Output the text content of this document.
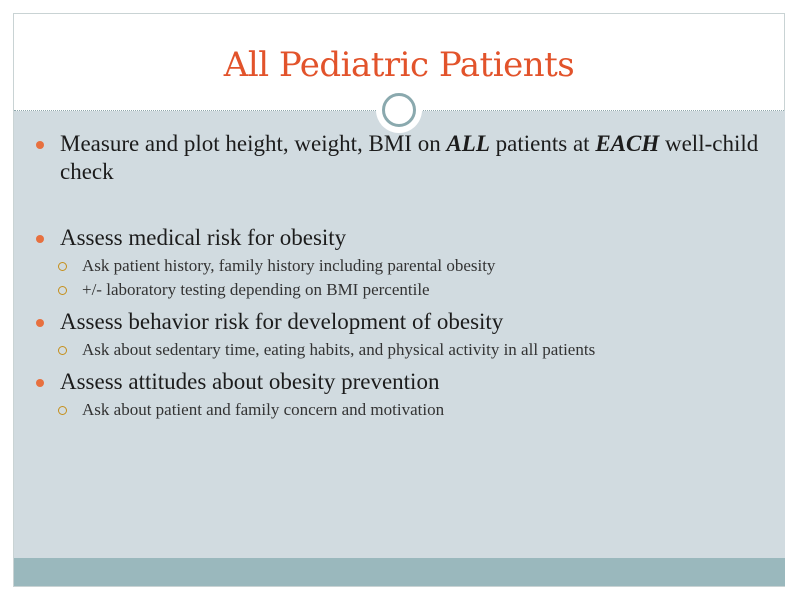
All Pediatric Patients
Measure and plot height, weight, BMI on ALL patients at EACH well-child check
Assess medical risk for obesity
Ask patient history, family history including parental obesity
+/- laboratory testing depending on BMI percentile
Assess behavior risk for development of obesity
Ask about sedentary time, eating habits, and physical activity in all patients
Assess attitudes about obesity prevention
Ask about patient and family concern and motivation
